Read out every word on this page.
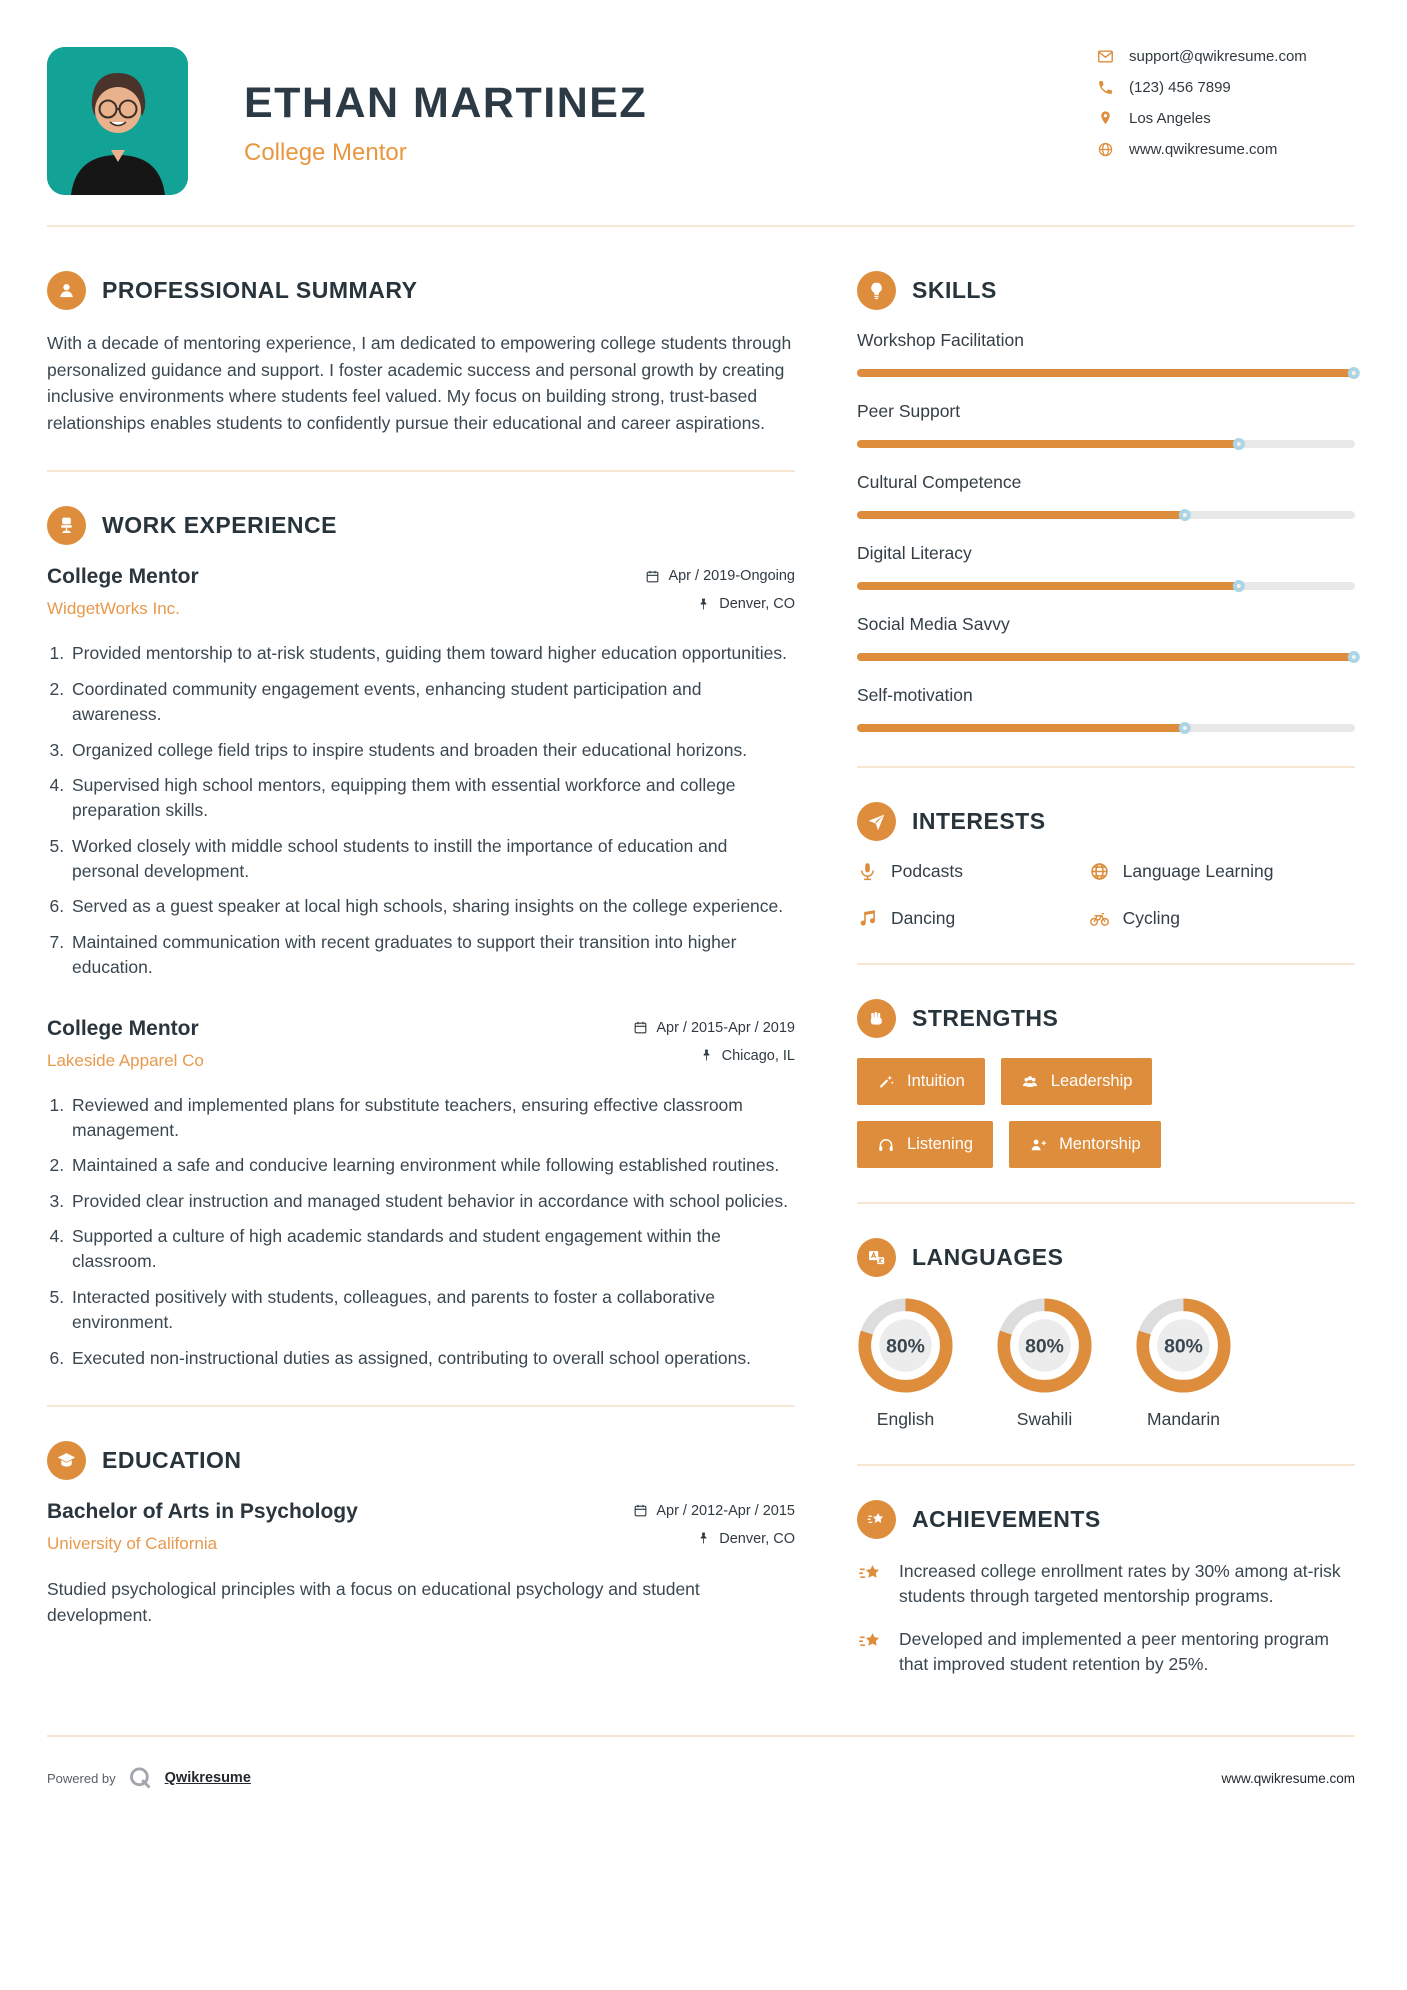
ETHAN MARTINEZ
College Mentor
support@qwikresume.com
(123) 456 7899
Los Angeles
www.qwikresume.com
PROFESSIONAL SUMMARY

With a decade of mentoring experience, I am dedicated to empowering college students through personalized guidance and support. I foster academic success and personal growth by creating inclusive environments where students feel valued. My focus on building strong, trust-based relationships enables students to confidently pursue their educational and career aspirations.

WORK EXPERIENCE
College Mentor
WidgetWorks Inc.
Apr / 2019-Ongoing
Denver, CO
1. Provided mentorship to at-risk students, guiding them toward higher education opportunities.
2. Coordinated community engagement events, enhancing student participation and awareness.
3. Organized college field trips to inspire students and broaden their educational horizons.
4. Supervised high school mentors, equipping them with essential workforce and college preparation skills.
5. Worked closely with middle school students to instill the importance of education and personal development.
6. Served as a guest speaker at local high schools, sharing insights on the college experience.
7. Maintained communication with recent graduates to support their transition into higher education.
College Mentor
Lakeside Apparel Co
Apr / 2015-Apr / 2019
Chicago, IL
1. Reviewed and implemented plans for substitute teachers, ensuring effective classroom management.
2. Maintained a safe and conducive learning environment while following established routines.
3. Provided clear instruction and managed student behavior in accordance with school policies.
4. Supported a culture of high academic standards and student engagement within the classroom.
5. Interacted positively with students, colleagues, and parents to foster a collaborative environment.
6. Executed non-instructional duties as assigned, contributing to overall school operations.
EDUCATION
Bachelor of Arts in Psychology
University of California
Apr / 2012-Apr / 2015
Denver, CO

Studied psychological principles with a focus on educational psychology and student development.

SKILLS
Workshop Facilitation
Peer Support
Cultural Competence
Digital Literacy
Social Media Savvy
Self-motivation
INTERESTS
Podcasts	Language Learning
Dancing	Cycling
STRENGTHS
Intuition	Leadership
Listening	Mentorship
LANGUAGES
80%
English
80%
Swahili
80%
Mandarin
ACHIEVEMENTS
Increased college enrollment rates by 30% among at-risk students through targeted mentorship programs.
Developed and implemented a peer mentoring program that improved student retention by 25%.
Powered by	Qwikresume	www.qwikresume.com
